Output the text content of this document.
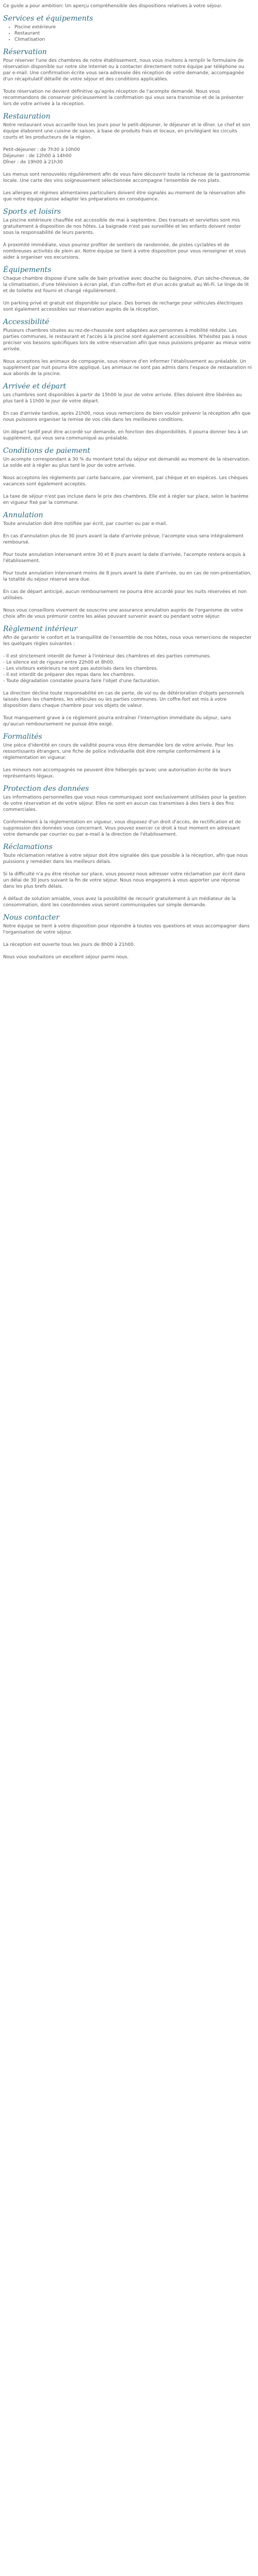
Ce guide a pour ambition: Un aperçu compréhensible des dispositions relatives à votre séjour.

Services et équipements
• Piscine extérieure
• Restaurant
• Climatisation
Réservation

Pour réserver l'une des chambres de notre établissement, nous vous invitons à remplir le formulaire de réservation disponible sur notre site Internet ou à contacter directement notre équipe par téléphone ou par e-mail. Une confirmation écrite vous sera adressée dès réception de votre demande, accompagnée d'un récapitulatif détaillé de votre séjour et des conditions applicables.
Toute réservation ne devient définitive qu'après réception de l'acompte demandé. Nous vous recommandons de conserver précieusement la confirmation qui vous sera transmise et de la présenter lors de votre arrivée à la réception.

Restauration

Notre restaurant vous accueille tous les jours pour le petit-déjeuner, le déjeuner et le dîner. Le chef et son équipe élaborent une cuisine de saison, à base de produits frais et locaux, en privilégiant les circuits courts et les producteurs de la région.
Petit-déjeuner : de 7h30 à 10h00
Déjeuner : de 12h00 à 14h00
Dîner : de 19h00 à 21h30
Les menus sont renouvelés régulièrement afin de vous faire découvrir toute la richesse de la gastronomie locale. Une carte des vins soigneusement sélectionnée accompagne l'ensemble de nos plats.
Les allergies et régimes alimentaires particuliers doivent être signalés au moment de la réservation afin que notre équipe puisse adapter les préparations en conséquence.

Sports et loisirs

La piscine extérieure chauffée est accessible de mai à septembre. Des transats et serviettes sont mis gratuitement à disposition de nos hôtes. La baignade n'est pas surveillée et les enfants doivent rester sous la responsabilité de leurs parents.
À proximité immédiate, vous pourrez profiter de sentiers de randonnée, de pistes cyclables et de nombreuses activités de plein air. Notre équipe se tient à votre disposition pour vous renseigner et vous aider à organiser vos excursions.

Équipements

Chaque chambre dispose d'une salle de bain privative avec douche ou baignoire, d'un sèche-cheveux, de la climatisation, d'une télévision à écran plat, d'un coffre-fort et d'un accès gratuit au Wi-Fi. Le linge de lit et de toilette est fourni et changé régulièrement.
Un parking privé et gratuit est disponible sur place. Des bornes de recharge pour véhicules électriques sont également accessibles sur réservation auprès de la réception.

Accessibilité

Plusieurs chambres situées au rez-de-chaussée sont adaptées aux personnes à mobilité réduite. Les parties communes, le restaurant et l'accès à la piscine sont également accessibles. N'hésitez pas à nous préciser vos besoins spécifiques lors de votre réservation afin que nous puissions préparer au mieux votre arrivée.
Nous acceptons les animaux de compagnie, sous réserve d'en informer l'établissement au préalable. Un supplément par nuit pourra être appliqué. Les animaux ne sont pas admis dans l'espace de restauration ni aux abords de la piscine.

Arrivée et départ

Les chambres sont disponibles à partir de 15h00 le jour de votre arrivée. Elles doivent être libérées au plus tard à 11h00 le jour de votre départ.
En cas d'arrivée tardive, après 21h00, nous vous remercions de bien vouloir prévenir la réception afin que nous puissions organiser la remise de vos clés dans les meilleures conditions.
Un départ tardif peut être accordé sur demande, en fonction des disponibilités. Il pourra donner lieu à un supplément, qui vous sera communiqué au préalable.

Conditions de paiement

Un acompte correspondant à 30 % du montant total du séjour est demandé au moment de la réservation. Le solde est à régler au plus tard le jour de votre arrivée.
Nous acceptons les règlements par carte bancaire, par virement, par chèque et en espèces. Les chèques vacances sont également acceptés.
La taxe de séjour n'est pas incluse dans le prix des chambres. Elle est à régler sur place, selon le barème en vigueur fixé par la commune.

Annulation

Toute annulation doit être notifiée par écrit, par courrier ou par e-mail.
En cas d'annulation plus de 30 jours avant la date d'arrivée prévue, l'acompte vous sera intégralement remboursé.
Pour toute annulation intervenant entre 30 et 8 jours avant la date d'arrivée, l'acompte restera acquis à l'établissement.
Pour toute annulation intervenant moins de 8 jours avant la date d'arrivée, ou en cas de non-présentation, la totalité du séjour réservé sera due.
En cas de départ anticipé, aucun remboursement ne pourra être accordé pour les nuits réservées et non utilisées.
Nous vous conseillons vivement de souscrire une assurance annulation auprès de l'organisme de votre choix afin de vous prémunir contre les aléas pouvant survenir avant ou pendant votre séjour.

Règlement intérieur

Afin de garantir le confort et la tranquillité de l'ensemble de nos hôtes, nous vous remercions de respecter les quelques règles suivantes :
- Il est strictement interdit de fumer à l'intérieur des chambres et des parties communes.
- Le silence est de rigueur entre 22h00 et 8h00.
- Les visiteurs extérieurs ne sont pas autorisés dans les chambres.
- Il est interdit de préparer des repas dans les chambres.
- Toute dégradation constatée pourra faire l'objet d'une facturation.
La direction décline toute responsabilité en cas de perte, de vol ou de détérioration d'objets personnels laissés dans les chambres, les véhicules ou les parties communes. Un coffre-fort est mis à votre disposition dans chaque chambre pour vos objets de valeur.
Tout manquement grave à ce règlement pourra entraîner l'interruption immédiate du séjour, sans qu'aucun remboursement ne puisse être exigé.

Formalités

Une pièce d'identité en cours de validité pourra vous être demandée lors de votre arrivée. Pour les ressortissants étrangers, une fiche de police individuelle doit être remplie conformément à la réglementation en vigueur.
Les mineurs non accompagnés ne peuvent être hébergés qu'avec une autorisation écrite de leurs représentants légaux.

Protection des données

Les informations personnelles que vous nous communiquez sont exclusivement utilisées pour la gestion de votre réservation et de votre séjour. Elles ne sont en aucun cas transmises à des tiers à des fins commerciales.
Conformément à la réglementation en vigueur, vous disposez d'un droit d'accès, de rectification et de suppression des données vous concernant. Vous pouvez exercer ce droit à tout moment en adressant votre demande par courrier ou par e-mail à la direction de l'établissement.

Réclamations

Toute réclamation relative à votre séjour doit être signalée dès que possible à la réception, afin que nous puissions y remédier dans les meilleurs délais.
Si la difficulté n'a pu être résolue sur place, vous pouvez nous adresser votre réclamation par écrit dans un délai de 30 jours suivant la fin de votre séjour. Nous nous engageons à vous apporter une réponse dans les plus brefs délais.
À défaut de solution amiable, vous avez la possibilité de recourir gratuitement à un médiateur de la consommation, dont les coordonnées vous seront communiquées sur simple demande.

Nous contacter

Notre équipe se tient à votre disposition pour répondre à toutes vos questions et vous accompagner dans l'organisation de votre séjour.
La réception est ouverte tous les jours de 8h00 à 21h00.
Nous vous souhaitons un excellent séjour parmi nous.
